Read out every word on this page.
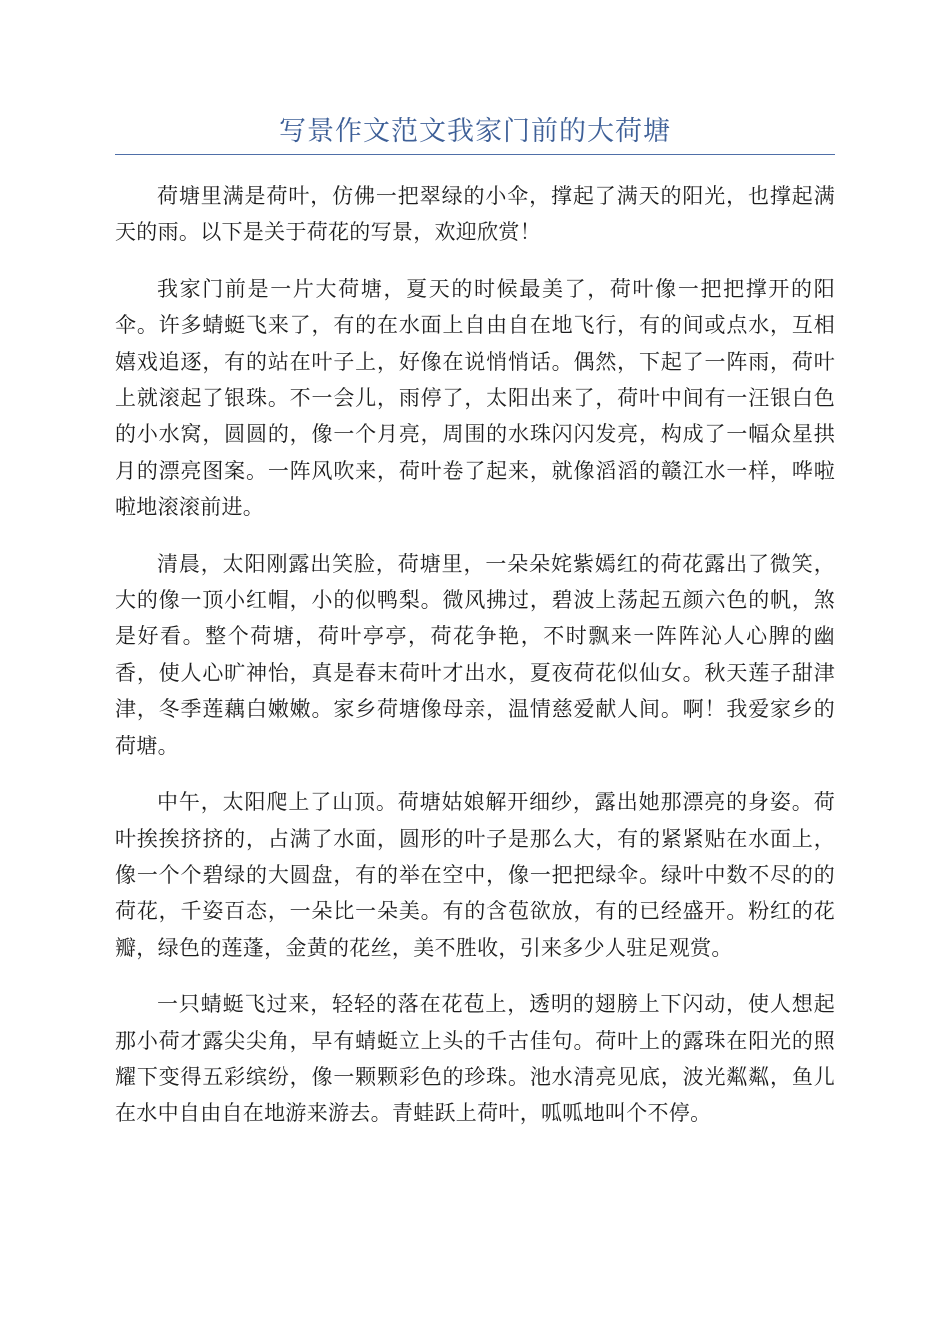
写景作文范文我家门前的大荷塘

荷塘里满是荷叶，仿佛一把翠绿的小伞，撑起了满天的阳光，也撑起满天的雨。以下是关于荷花的写景，欢迎欣赏！

我家门前是一片大荷塘，夏天的时候最美了，荷叶像一把把撑开的阳伞。许多蜻蜓飞来了，有的在水面上自由自在地飞行，有的间或点水，互相嬉戏追逐，有的站在叶子上，好像在说悄悄话。偶然，下起了一阵雨，荷叶上就滚起了银珠。不一会儿，雨停了，太阳出来了，荷叶中间有一汪银白色的小水窝，圆圆的，像一个月亮，周围的水珠闪闪发亮，构成了一幅众星拱月的漂亮图案。一阵风吹来，荷叶卷了起来，就像滔滔的赣江水一样，哗啦啦地滚滚前进。

清晨，太阳刚露出笑脸，荷塘里，一朵朵姹紫嫣红的荷花露出了微笑，大的像一顶小红帽，小的似鸭梨。微风拂过，碧波上荡起五颜六色的帆，煞是好看。整个荷塘，荷叶亭亭，荷花争艳，不时飘来一阵阵沁人心脾的幽香，使人心旷神怡，真是春末荷叶才出水，夏夜荷花似仙女。秋天莲子甜津津，冬季莲藕白嫩嫩。家乡荷塘像母亲，温情慈爱献人间。啊！我爱家乡的荷塘。

中午，太阳爬上了山顶。荷塘姑娘解开细纱，露出她那漂亮的身姿。荷叶挨挨挤挤的，占满了水面，圆形的叶子是那么大，有的紧紧贴在水面上，像一个个碧绿的大圆盘，有的举在空中，像一把把绿伞。绿叶中数不尽的的荷花，千姿百态，一朵比一朵美。有的含苞欲放，有的已经盛开。粉红的花瓣，绿色的莲蓬，金黄的花丝，美不胜收，引来多少人驻足观赏。

一只蜻蜓飞过来，轻轻的落在花苞上，透明的翅膀上下闪动，使人想起那小荷才露尖尖角，早有蜻蜓立上头的千古佳句。荷叶上的露珠在阳光的照耀下变得五彩缤纷，像一颗颗彩色的珍珠。池水清亮见底，波光粼粼，鱼儿在水中自由自在地游来游去。青蛙跃上荷叶，呱呱地叫个不停。
